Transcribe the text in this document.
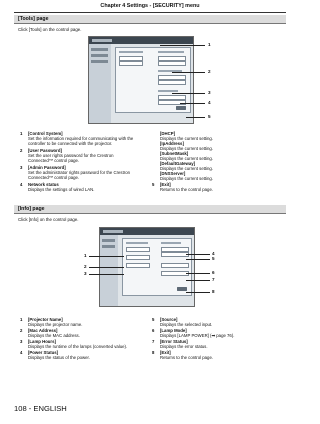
Chapter 4 Settings - [SECURITY] menu
[Tools] page
Click [Tools] on the control page.
1
2
3
4
5
1 [Control System]
Set the information required for communicating with the
controller to be connected with the projector.
2 [User Password]
Set the user rights password for the Crestron
Connected™ control page.
3 [Admin Password]
Set the administrator rights password for the Crestron
Connected™ control page.
4 Network status
Displays the settings of wired LAN.
[DHCP]
Displays the current setting.
[IpAddress]
Displays the current setting.
[SubnetMask]
Displays the current setting.
[DefaultGateway]
Displays the current setting.
[DNSServer]
Displays the current setting.
5 [Exit]
Returns to the control page.
[Info] page
Click [Info] on the control page.
1
2
3
4
5
6
7
8
1 [Projector Name]
Displays the projector name.
2 [Mac Address]
Displays the MAC address.
3 [Lamp Hours]
Displays the runtime of the lamps (converted value).
4 [Power Status]
Displays the status of the power.
5 [Source]
Displays the selected input.
6 [Lamp Mode]
Displays [LAMP POWER] (➡ page 76).
7 [Error Status]
Displays the error status.
8 [Exit]
Returns to the control page.
108 - ENGLISH
